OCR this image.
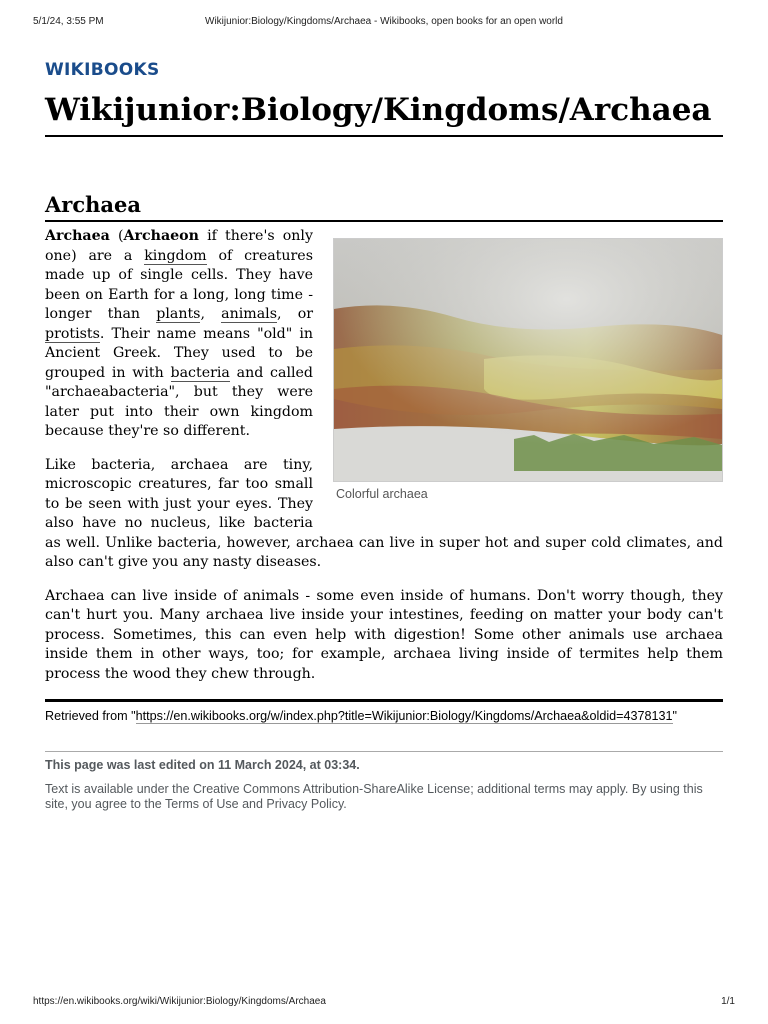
5/1/24, 3:55 PM	Wikijunior:Biology/Kingdoms/Archaea - Wikibooks, open books for an open world
WIKIBOOKS
Wikijunior:Biology/Kingdoms/Archaea
Archaea
Colorful archaea

Archaea (Archaeon if there's only one) are a kingdom of creatures made up of single cells. They have been on Earth for a long, long time - longer than plants, animals, or protists. Their name means "old" in Ancient Greek. They used to be grouped in with bacteria and called "archaeabacteria", but they were later put into their own kingdom because they're so different.

Like bacteria, archaea are tiny, microscopic creatures, far too small to be seen with just your eyes. They also have no nucleus, like bacteria as well. Unlike bacteria, however, archaea can live in super hot and super cold climates, and also can't give you any nasty diseases.

Archaea can live inside of animals - some even inside of humans. Don't worry though, they can't hurt you. Many archaea live inside your intestines, feeding on matter your body can't process. Sometimes, this can even help with digestion! Some other animals use archaea inside them in other ways, too; for example, archaea living inside of termites help them process the wood they chew through.

Retrieved from "https://en.wikibooks.org/w/index.php?title=Wikijunior:Biology/Kingdoms/Archaea&oldid=4378131"
This page was last edited on 11 March 2024, at 03:34.
Text is available under the Creative Commons Attribution-ShareAlike License; additional terms may apply. By using this site, you agree to the Terms of Use and Privacy Policy.
https://en.wikibooks.org/wiki/Wikijunior:Biology/Kingdoms/Archaea	1/1
